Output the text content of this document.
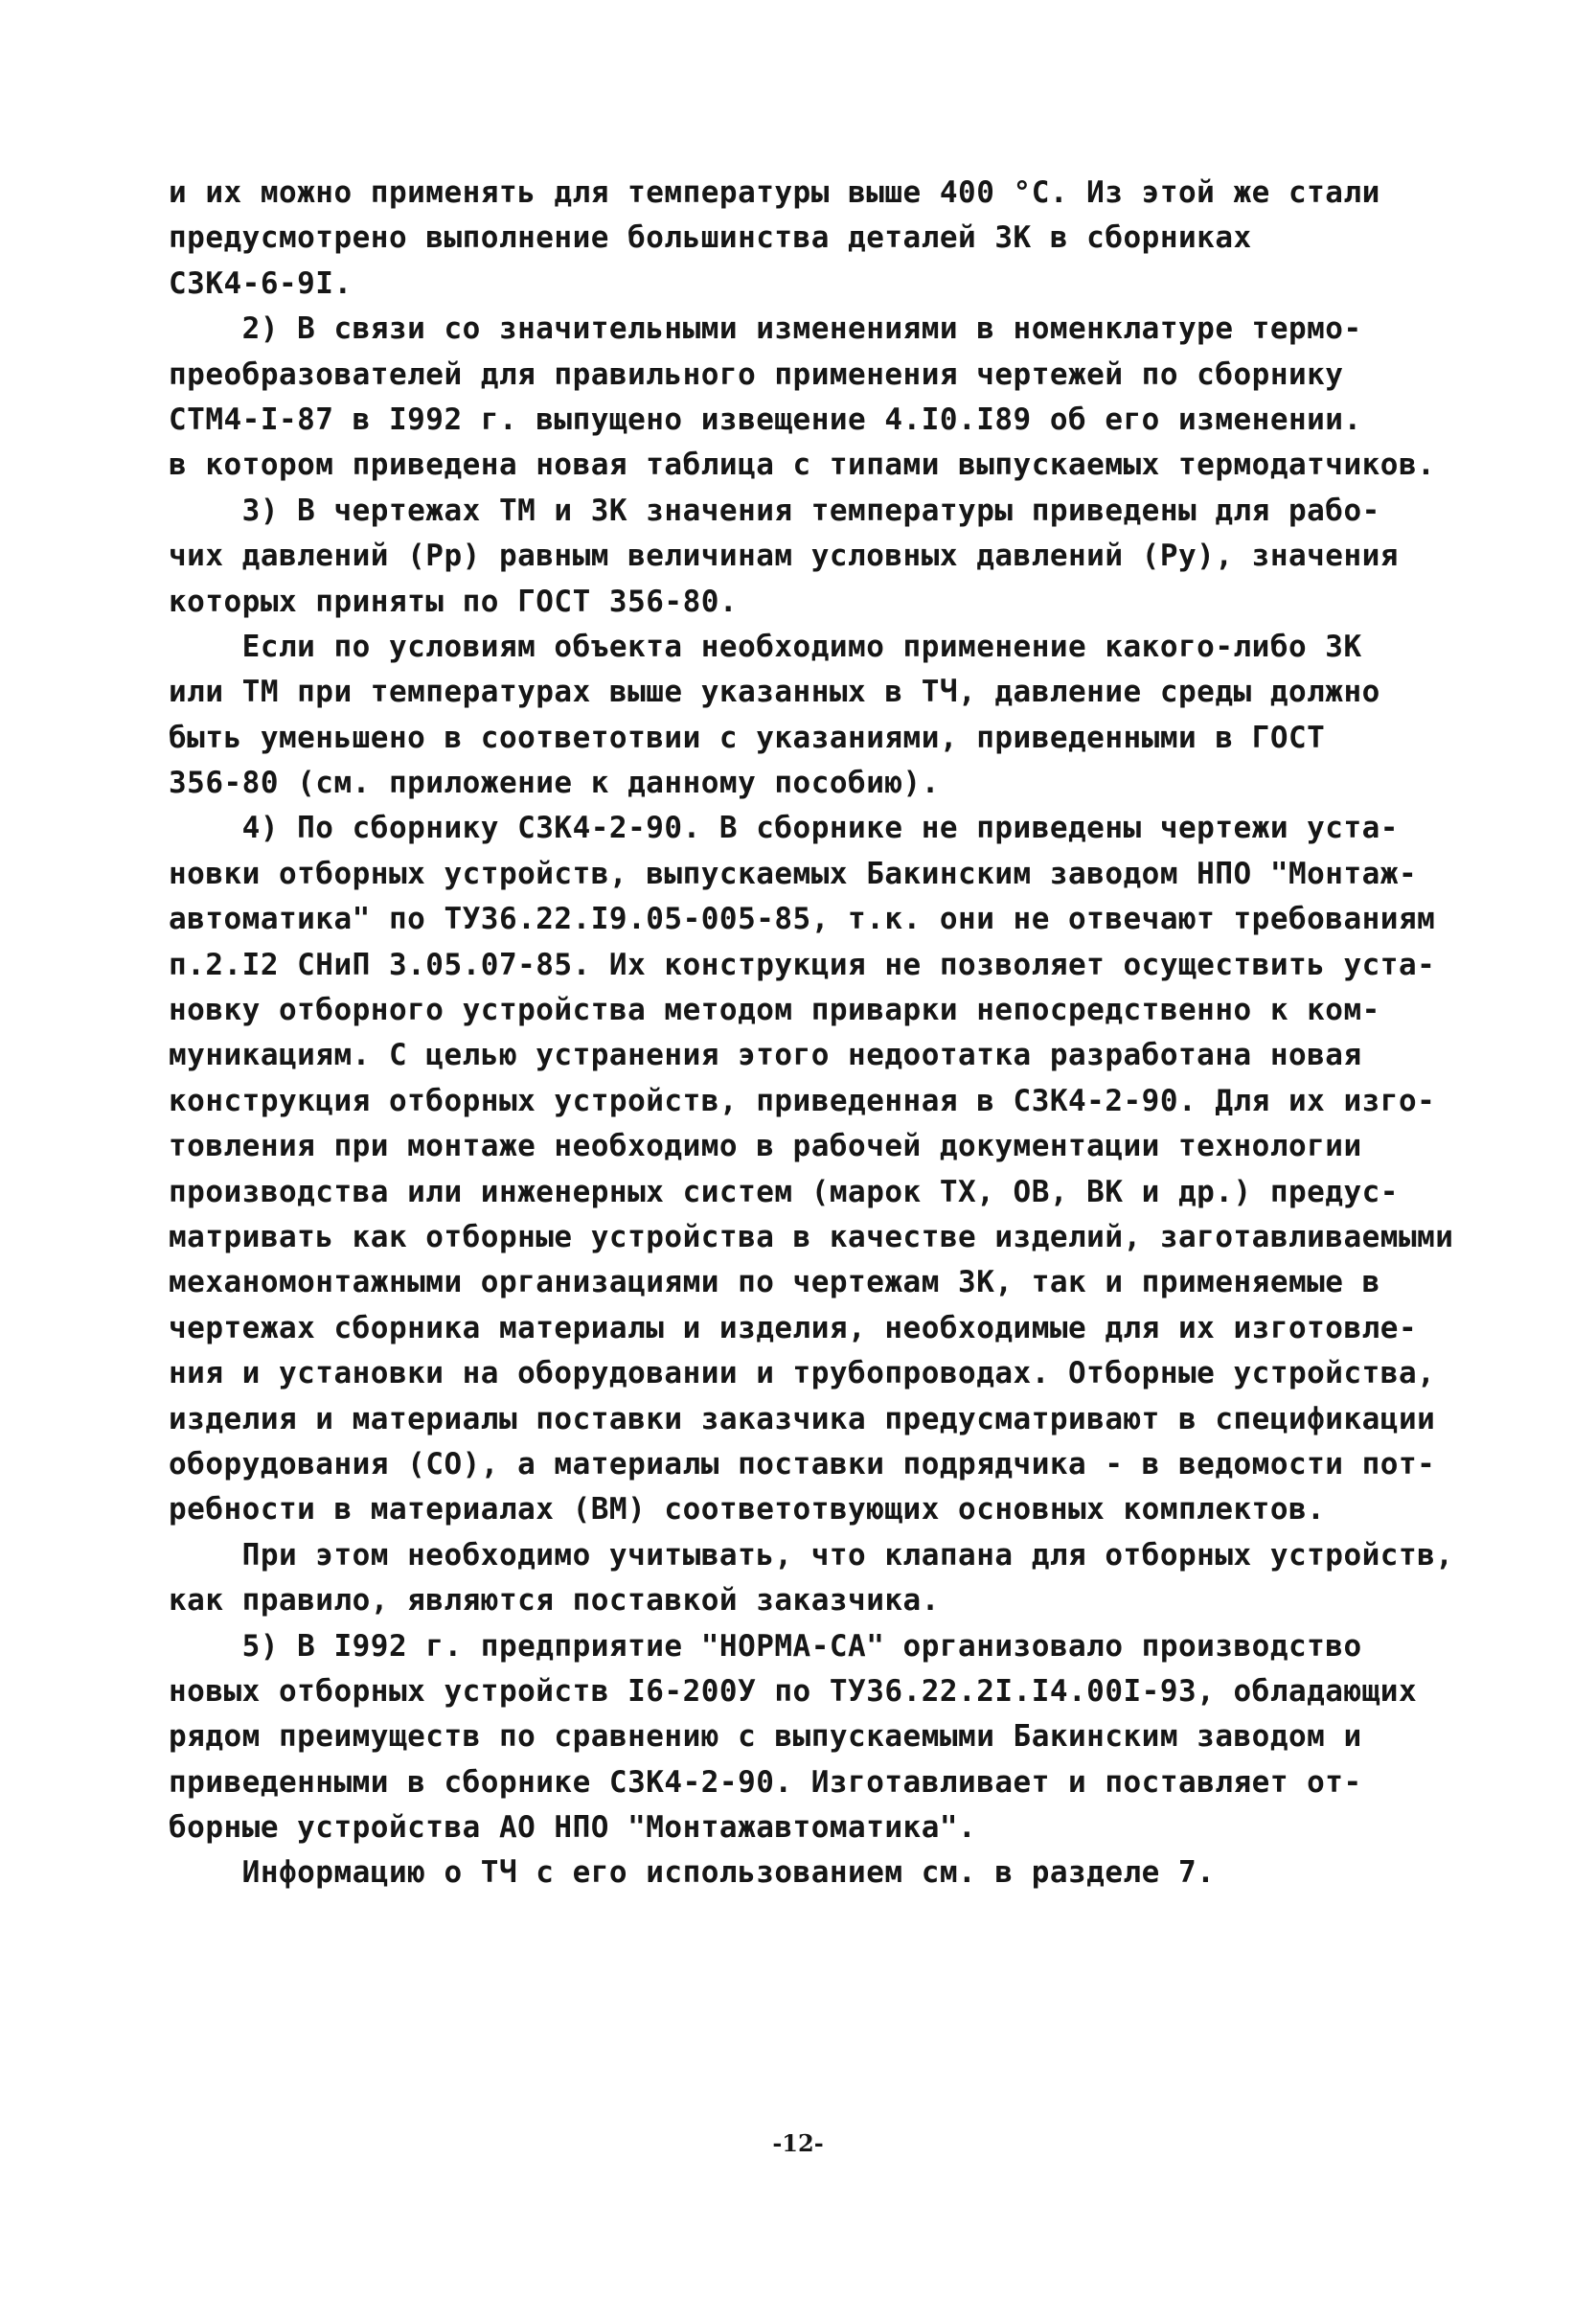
и их можно применять для температуры выше 400 °С. Из этой же стали
предусмотрено выполнение большинства деталей ЗК в сборниках
СЗК4-6-9I.
2) В связи со значительными изменениями в номенклатуре термо-
преобразователей для правильного применения чертежей по сборнику
СТМ4-I-87 в I992 г. выпущено извещение 4.I0.I89 об его изменении.
в котором приведена новая таблица с типами выпускаемых термодатчиков.
3) В чертежах ТМ и ЗК значения температуры приведены для рабо-
чих давлений (Рр) равным величинам условных давлений (Ру), значения
которых приняты по ГОСТ 356-80.
Если по условиям объекта необходимо применение какого-либо ЗК
или ТМ при температурах выше указанных в ТЧ, давление среды должно
быть уменьшено в соответотвии с указаниями, приведенными в ГОСТ
356-80 (см. приложение к данному пособию).
4) По сборнику СЗК4-2-90. В сборнике не приведены чертежи уста-
новки отборных устройств, выпускаемых Бакинским заводом НПО "Монтаж-
автоматика" по ТУ36.22.I9.05-005-85, т.к. они не отвечают требованиям
п.2.I2 СНиП 3.05.07-85. Их конструкция не позволяет осуществить уста-
новку отборного устройства методом приварки непосредственно к ком-
муникациям. С целью устранения этого недоотатка разработана новая
конструкция отборных устройств, приведенная в СЗК4-2-90. Для их изго-
товления при монтаже необходимо в рабочей документации технологии
производства или инженерных систем (марок ТХ, ОВ, ВК и др.) предус-
матривать как отборные устройства в качестве изделий, заготавливаемыми
механомонтажными организациями по чертежам ЗК, так и применяемые в
чертежах сборника материалы и изделия, необходимые для их изготовле-
ния и установки на оборудовании и трубопроводах. Отборные устройства,
изделия и материалы поставки заказчика предусматривают в спецификации
оборудования (СО), а материалы поставки подрядчика - в ведомости пот-
ребности в материалах (ВМ) соответотвующих основных комплектов.
При этом необходимо учитывать, что клапана для отборных устройств,
как правило, являются поставкой заказчика.
5) В I992 г. предприятие "НОРМА-СА" организовало производство
новых отборных устройств I6-200У по ТУ36.22.2I.I4.00I-93, обладающих
рядом преимуществ по сравнению с выпускаемыми Бакинским заводом и
приведенными в сборнике СЗК4-2-90. Изготавливает и поставляет от-
борные устройства АО НПО "Монтажавтоматика".
Информацию о ТЧ с его использованием см. в разделе 7.
-12-
